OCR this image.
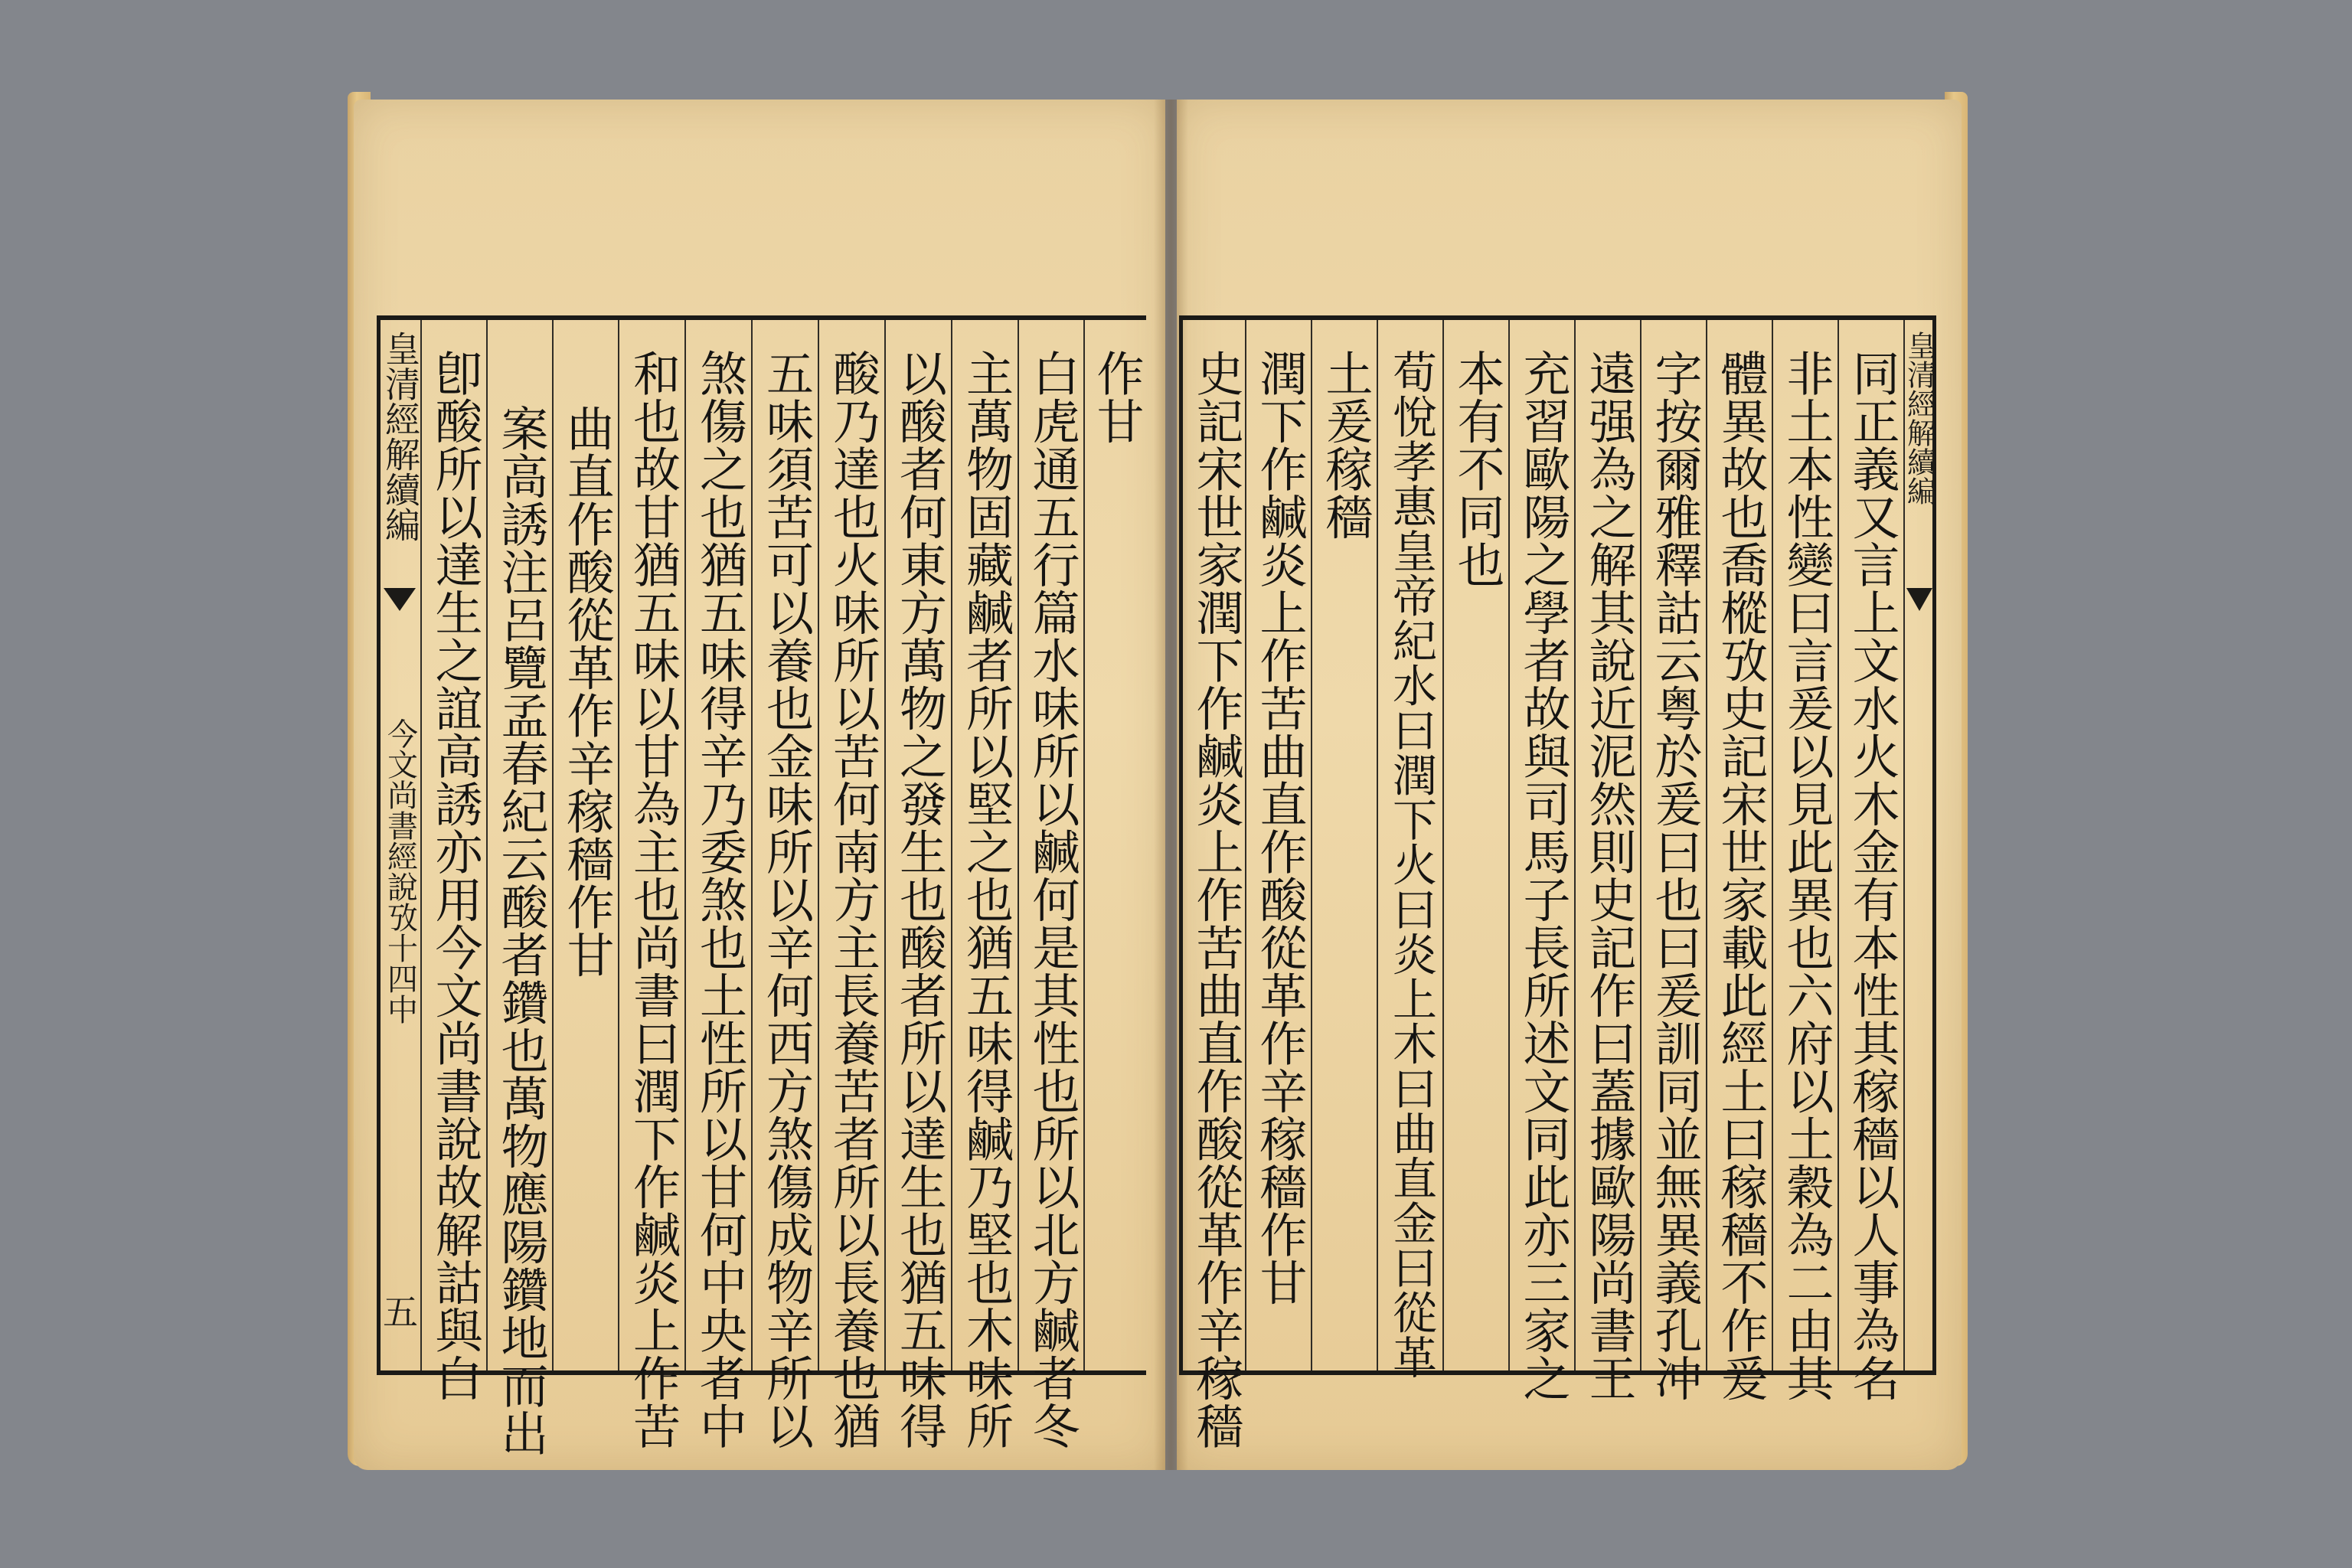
皇清經解續編
今文尚書經說攷十四中
五 卽酸所以達生之誼高誘亦用今文尚書說故解詁與白 案高誘注呂覽孟春紀云酸者鑽也萬物應陽鑽地而出 曲直作酸從革作辛稼穡作甘 和也故甘猶五味以甘為主也尚書曰潤下作鹹炎上作苦 煞傷之也猶五味得辛乃委煞也土性所以甘何中央者中 五味須苦可以養也金味所以辛何西方煞傷成物辛所以 酸乃達也火味所以苦何南方主長養苦者所以長養也猶 以酸者何東方萬物之發生也酸者所以達生也猶五味得 主萬物固藏鹹者所以堅之也猶五味得鹹乃堅也木味所 白虎通五行篇水味所以鹹何是其性也所以北方鹹者冬 作甘 史記宋世家潤下作鹹炎上作苦曲直作酸從革作辛稼穡 潤下作鹹炎上作苦曲直作酸從革作辛稼穡作甘 土爰稼穡 荀悅孝惠皇帝紀水曰潤下火曰炎上木曰曲直金曰從革 本有不同也 充習歐陽之學者故與司馬子長所述文同此亦三家之 遠强為之解其說近泥然則史記作曰蓋據歐陽尚書王 字按爾雅釋詁云粤於爰曰也曰爰訓同並無異義孔冲 體異故也喬樅攷史記宋世家載此經土曰稼穡不作爰 非土本性變曰言爰以見此異也六府以土穀為二由其 同正義又言上文水火木金有本性其稼穡以人事為名 皇清經解續編
